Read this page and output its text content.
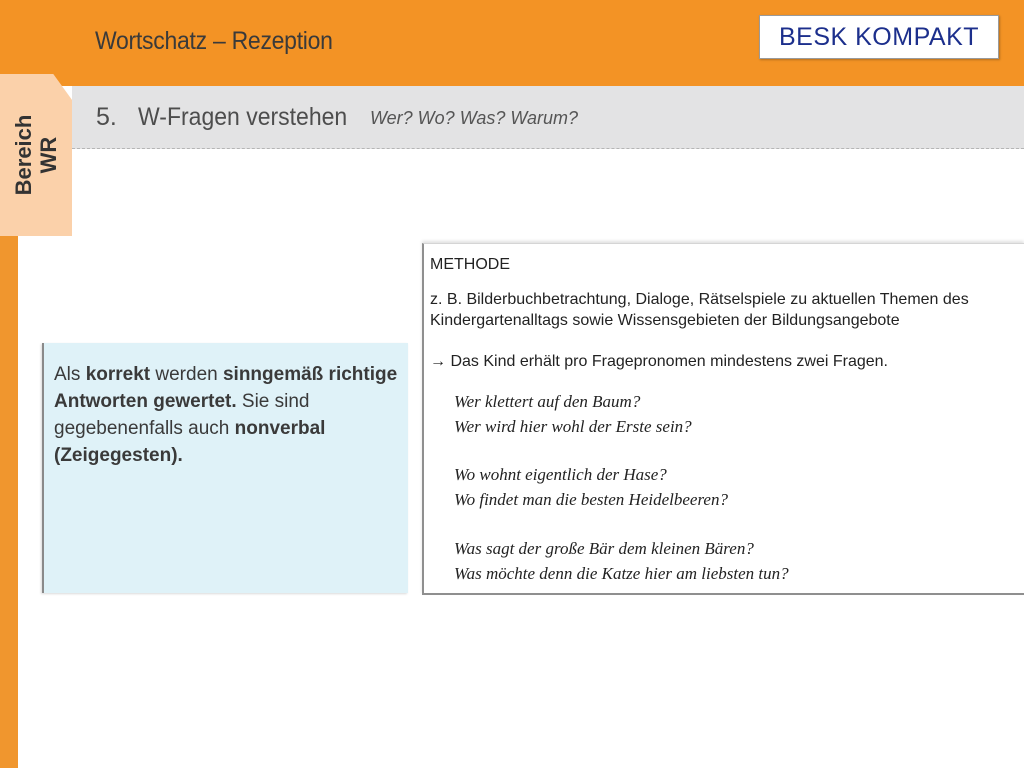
Wortschatz – Rezeption	BESK KOMPAKT
5. W-Fragen verstehen Wer? Wo? Was? Warum?
Bereich WR
Als korrekt werden sinngemäß richtige Antworten gewertet. Sie sind gegebenenfalls auch nonverbal (Zeigegesten).
METHODE
z. B. Bilderbuchbetrachtung, Dialoge, Rätselspiele zu aktuellen Themen des Kindergartenalltags sowie Wissensgebieten der Bildungsangebote
→ Das Kind erhält pro Fragepronomen mindestens zwei Fragen.
Wer klettert auf den Baum?
Wer wird hier wohl der Erste sein?
Wo wohnt eigentlich der Hase?
Wo findet man die besten Heidelbeeren?
Was sagt der große Bär dem kleinen Bären?
Was möchte denn die Katze hier am liebsten tun?
